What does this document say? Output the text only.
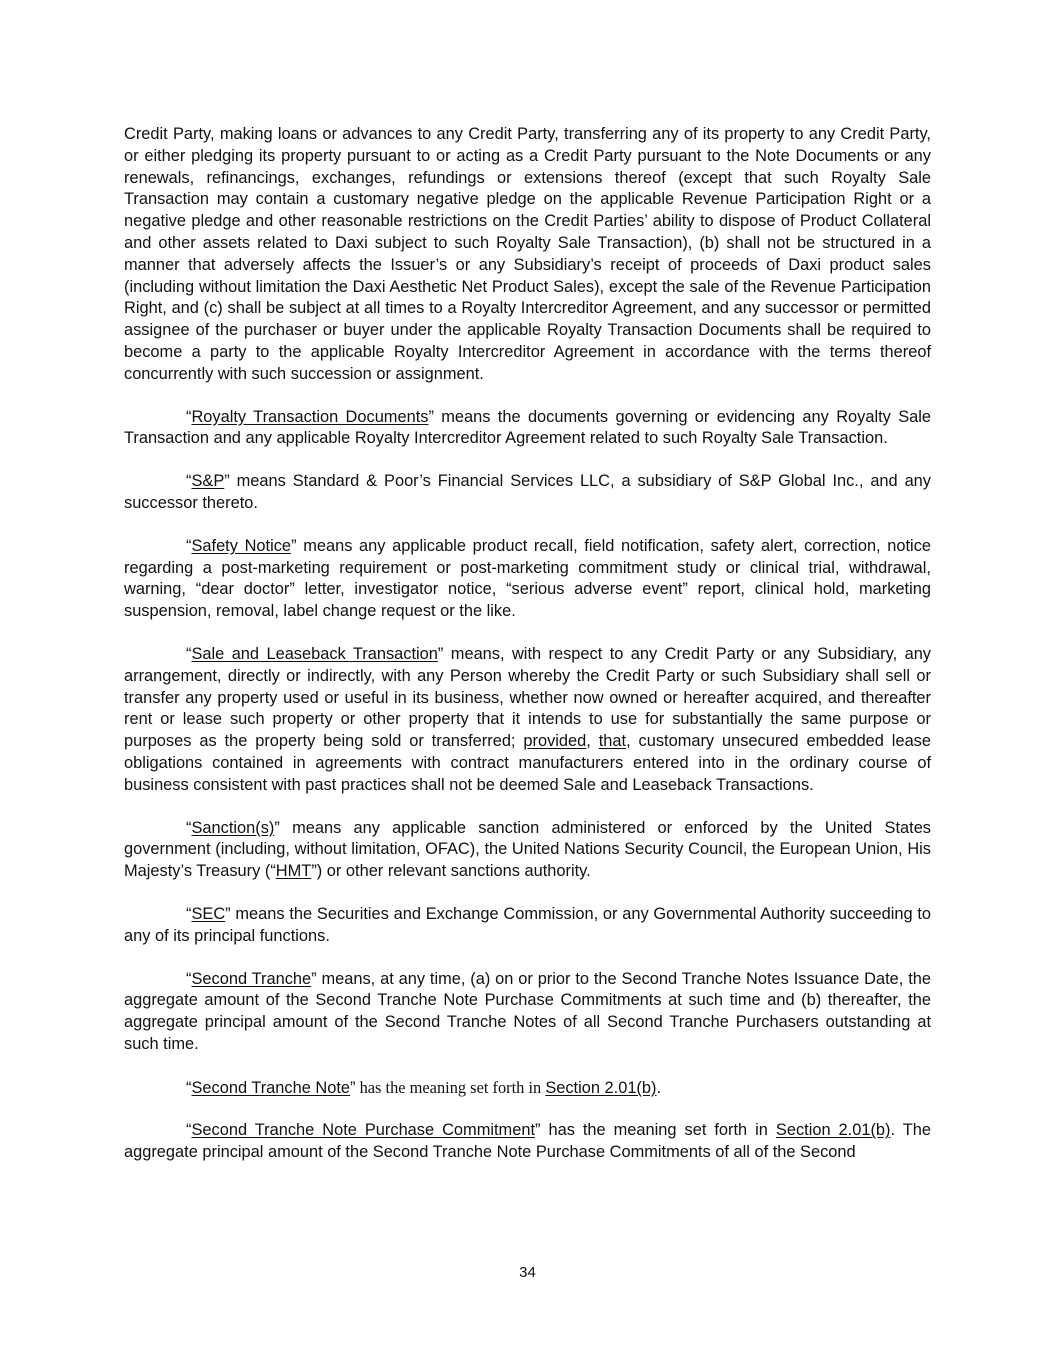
Credit Party, making loans or advances to any Credit Party, transferring any of its property to any Credit Party, or either pledging its property pursuant to or acting as a Credit Party pursuant to the Note Documents or any renewals, refinancings, exchanges, refundings or extensions thereof (except that such Royalty Sale Transaction may contain a customary negative pledge on the applicable Revenue Participation Right or a negative pledge and other reasonable restrictions on the Credit Parties’ ability to dispose of Product Collateral and other assets related to Daxi subject to such Royalty Sale Transaction), (b) shall not be structured in a manner that adversely affects the Issuer’s or any Subsidiary’s receipt of proceeds of Daxi product sales (including without limitation the Daxi Aesthetic Net Product Sales), except the sale of the Revenue Participation Right, and (c) shall be subject at all times to a Royalty Intercreditor Agreement, and any successor or permitted assignee of the purchaser or buyer under the applicable Royalty Transaction Documents shall be required to become a party to the applicable Royalty Intercreditor Agreement in accordance with the terms thereof concurrently with such succession or assignment.

“Royalty Transaction Documents” means the documents governing or evidencing any Royalty Sale Transaction and any applicable Royalty Intercreditor Agreement related to such Royalty Sale Transaction.

“S&P” means Standard & Poor’s Financial Services LLC, a subsidiary of S&P Global Inc., and any successor thereto.

“Safety Notice” means any applicable product recall, field notification, safety alert, correction, notice regarding a post-marketing requirement or post-marketing commitment study or clinical trial, withdrawal, warning, “dear doctor” letter, investigator notice, “serious adverse event” report, clinical hold, marketing suspension, removal, label change request or the like.

“Sale and Leaseback Transaction” means, with respect to any Credit Party or any Subsidiary, any arrangement, directly or indirectly, with any Person whereby the Credit Party or such Subsidiary shall sell or transfer any property used or useful in its business, whether now owned or hereafter acquired, and thereafter rent or lease such property or other property that it intends to use for substantially the same purpose or purposes as the property being sold or transferred; provided, that, customary unsecured embedded lease obligations contained in agreements with contract manufacturers entered into in the ordinary course of business consistent with past practices shall not be deemed Sale and Leaseback Transactions.

“Sanction(s)” means any applicable sanction administered or enforced by the United States government (including, without limitation, OFAC), the United Nations Security Council, the European Union, His Majesty’s Treasury (“HMT”) or other relevant sanctions authority.

“SEC” means the Securities and Exchange Commission, or any Governmental Authority succeeding to any of its principal functions.

“Second Tranche” means, at any time, (a) on or prior to the Second Tranche Notes Issuance Date, the aggregate amount of the Second Tranche Note Purchase Commitments at such time and (b) thereafter, the aggregate principal amount of the Second Tranche Notes of all Second Tranche Purchasers outstanding at such time.

“Second Tranche Note” has the meaning set forth in Section 2.01(b).

“Second Tranche Note Purchase Commitment” has the meaning set forth in Section 2.01(b). The aggregate principal amount of the Second Tranche Note Purchase Commitments of all of the Second

34
